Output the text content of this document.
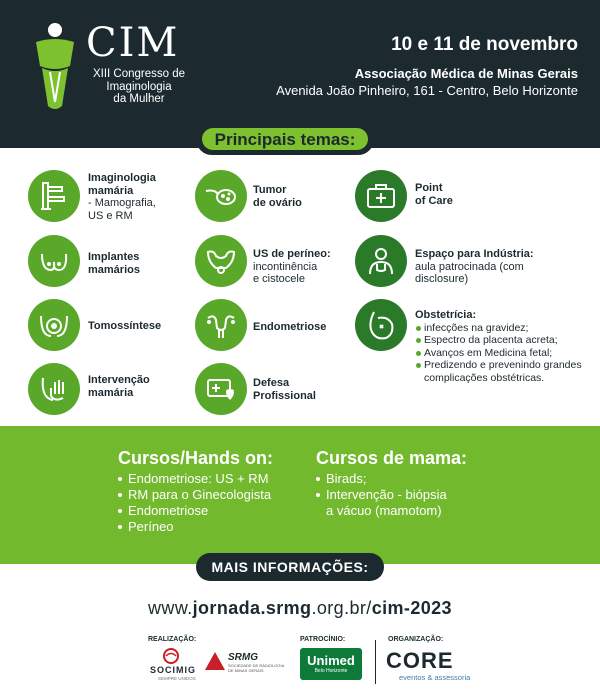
CIM
XIII Congresso de
Imaginologia
da Mulher
10 e 11 de novembro
Associação Médica de Minas Gerais
Avenida João Pinheiro, 161 - Centro, Belo Horizonte
Principais temas:
Imaginologia
mamária
- Mamografia,
US e RM
Implantes
mamários
Tomossíntese
Intervenção
mamária
Tumor
de ovário
US de períneo:
incontinência
e cistocele
Endometriose
Defesa
Profissional
Point
of Care
Espaço para Indústria:
aula patrocinada (com
disclosure)
Obstetrícia:
infecções na gravidez;
Espectro da placenta acreta;
Avanços em Medicina fetal;
Predizendo e prevenindo grandes
complicações obstétricas.
Cursos/Hands on:
Endometriose: US + RM
RM para o Ginecologista
Endometriose
Períneo
Cursos de mama:
Birads;
Intervenção - biópsia
a vácuo (mamotom)
MAIS INFORMAÇÕES:
www.jornada.srmg.org.br/cim-2023
REALIZAÇÃO:	PATROCÍNIO:	ORGANIZAÇÃO:
SOCIMIG
SEMPRE UNIDOS
SRMG
SOCIEDADE DE RADIOLOGIA DE MINAS GERAIS
Unimed
Belo Horizonte	CORE
eventos & assessoria
